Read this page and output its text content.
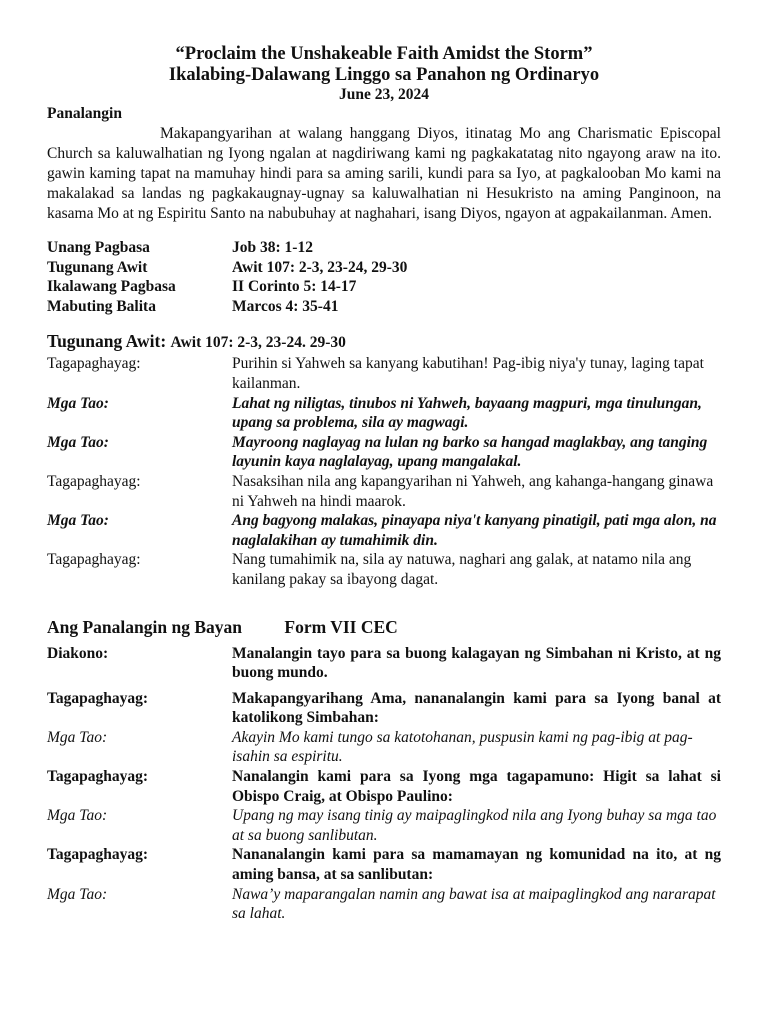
“Proclaim the Unshakeable Faith Amidst the Storm”

Ikalabing-Dalawang Linggo sa Panahon ng Ordinaryo

June 23, 2024

Panalangin

Makapangyarihan at walang hanggang Diyos, itinatag Mo ang Charismatic Episcopal Church sa kaluwalhatian ng Iyong ngalan at nagdiriwang kami ng pagkakatatag nito ngayong araw na ito. gawin kaming tapat na mamuhay hindi para sa aming sarili, kundi para sa Iyo, at pagkalooban Mo kami na makalakad sa landas ng pagkakaugnay-ugnay sa kaluwalhatian ni Hesukristo na aming Panginoon, na kasama Mo at ng Espiritu Santo na nabubuhay at naghahari, isang Diyos, ngayon at agpakailanman. Amen.

Unang Pagbasa	Job 38: 1-12
Tugunang Awit	Awit 107: 2-3, 23-24, 29-30
Ikalawang Pagbasa	II Corinto 5: 14-17
Mabuting Balita	Marcos 4: 35-41

Tugunang Awit: Awit 107: 2-3, 23-24. 29-30

Tagapaghayag:	Purihin si Yahweh sa kanyang kabutihan! Pag-ibig niya'y tunay, laging tapat kailanman.
Mga Tao:	Lahat ng niligtas, tinubos ni Yahweh, bayaang magpuri, mga tinulungan, upang sa problema, sila ay magwagi.
Mga Tao:	Mayroong naglayag na lulan ng barko sa hangad maglakbay, ang tanging layunin kaya naglalayag, upang mangalakal.
Tagapaghayag:	Nasaksihan nila ang kapangyarihan ni Yahweh, ang kahanga-hangang ginawa ni Yahweh na hindi maarok.
Mga Tao:	Ang bagyong malakas, pinayapa niya't kanyang pinatigil, pati mga alon, na naglalakihan ay tumahimik din.
Tagapaghayag:	Nang tumahimik na, sila ay natuwa, naghari ang galak, at natamo nila ang kanilang pakay sa ibayong dagat.

Ang Panalangin ng Bayan Form VII CEC

Diakono:	Manalangin tayo para sa buong kalagayan ng Simbahan ni Kristo, at ng buong mundo.
Tagapaghayag:	Makapangyarihang Ama, nananalangin kami para sa Iyong banal at katolikong Simbahan:
Mga Tao:	Akayin Mo kami tungo sa katotohanan, puspusin kami ng pag-ibig at pag-isahin sa espiritu.
Tagapaghayag:	Nanalangin kami para sa Iyong mga tagapamuno: Higit sa lahat si Obispo Craig, at Obispo Paulino:
Mga Tao:	Upang ng may isang tinig ay maipaglingkod nila ang Iyong buhay sa mga tao at sa buong sanlibutan.
Tagapaghayag:	Nananalangin kami para sa mamamayan ng komunidad na ito, at ng aming bansa, at sa sanlibutan:
Mga Tao:	Nawa’y maparangalan namin ang bawat isa at maipaglingkod ang nararapat sa lahat.
